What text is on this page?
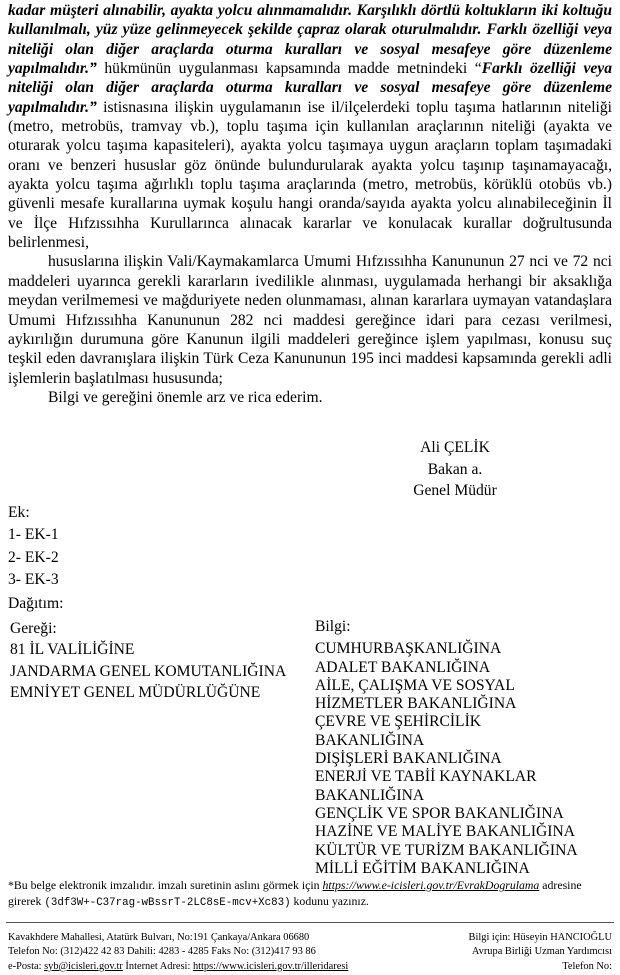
kadar müşteri alınabilir, ayakta yolcu alınmamalıdır. Karşılıklı dörtlü koltukların iki koltuğu kullanılmalı, yüz yüze gelinmeyecek şekilde çapraz olarak oturulmalıdır. Farklı özelliği veya niteliği olan diğer araçlarda oturma kuralları ve sosyal mesafeye göre düzenleme yapılmalıdır.” hükmünün uygulanması kapsamında madde metnindeki “Farklı özelliği veya niteliği olan diğer araçlarda oturma kuralları ve sosyal mesafeye göre düzenleme yapılmalıdır.” istisnasına ilişkin uygulamanın ise il/ilçelerdeki toplu taşıma hatlarının niteliği (metro, metrobüs, tramvay vb.), toplu taşıma için kullanılan araçlarının niteliği (ayakta ve oturarak yolcu taşıma kapasiteleri), ayakta yolcu taşımaya uygun araçların toplam taşımadaki oranı ve benzeri hususlar göz önünde bulundurularak ayakta yolcu taşınıp taşınamayacağı, ayakta yolcu taşıma ağırlıklı toplu taşıma araçlarında (metro, metrobüs, körüklü otobüs vb.) güvenli mesafe kurallarına uymak koşulu hangi oranda/sayıda ayakta yolcu alınabileceğinin İl ve İlçe Hıfzıssıhha Kurullarınca alınacak kararlar ve konulacak kurallar doğrultusunda belirlenmesi,

hususlarına ilişkin Vali/Kaymakamlarca Umumi Hıfzıssıhha Kanununun 27 nci ve 72 nci maddeleri uyarınca gerekli kararların ivedilikle alınması, uygulamada herhangi bir aksaklığa meydan verilmemesi ve mağduriyete neden olunmaması, alınan kararlara uymayan vatandaşlara Umumi Hıfzıssıhha Kanununun 282 nci maddesi gereğince idari para cezası verilmesi, aykırılığın durumuna göre Kanunun ilgili maddeleri gereğince işlem yapılması, konusu suç teşkil eden davranışlara ilişkin Türk Ceza Kanununun 195 inci maddesi kapsamında gerekli adli işlemlerin başlatılması hususunda;

Bilgi ve gereğini önemle arz ve rica ederim.

Ali ÇELİK
Bakan a.
Genel Müdür
Ek:
1- EK-1
2- EK-2
3- EK-3
Dağıtım:
Gereği:
81 İL VALİLİĞİNE
JANDARMA GENEL KOMUTANLIĞINA
EMNİYET GENEL MÜDÜRLÜĞÜNE
Bilgi:
CUMHURBAŞKANLIĞINA
ADALET BAKANLIĞINA
AİLE, ÇALIŞMA VE SOSYAL
HİZMETLER BAKANLIĞINA
ÇEVRE VE ŞEHİRCİLİK
BAKANLIĞINA
DIŞİŞLERİ BAKANLIĞINA
ENERJİ VE TABİİ KAYNAKLAR
BAKANLIĞINA
GENÇLİK VE SPOR BAKANLIĞINA
HAZİNE VE MALİYE BAKANLIĞINA
KÜLTÜR VE TURİZM BAKANLIĞINA
MİLLİ EĞİTİM BAKANLIĞINA
*Bu belge elektronik imzalıdır. imzalı suretinin aslını görmek için https://www.e-icisleri.gov.tr/EvrakDogrulama adresine girerek (3df3W+-C37rag-wBssrT-2LC8sE-mcv+Xc83) kodunu yazınız.
Kavakhdere Mahallesi, Atatürk Bulvarı, No:191 Çankaya/Ankara 06680
Telefon No: (312)422 42 83 Dahili: 4283 - 4285 Faks No: (312)417 93 86
e-Posta: syb@icisleri.gov.tr İnternet Adresi: https://www.icisleri.gov.tr/illeridaresi
Bilgi için: Hüseyin HANCIOĞLU
Avrupa Birliği Uzman Yardımcısı
Telefon No:
